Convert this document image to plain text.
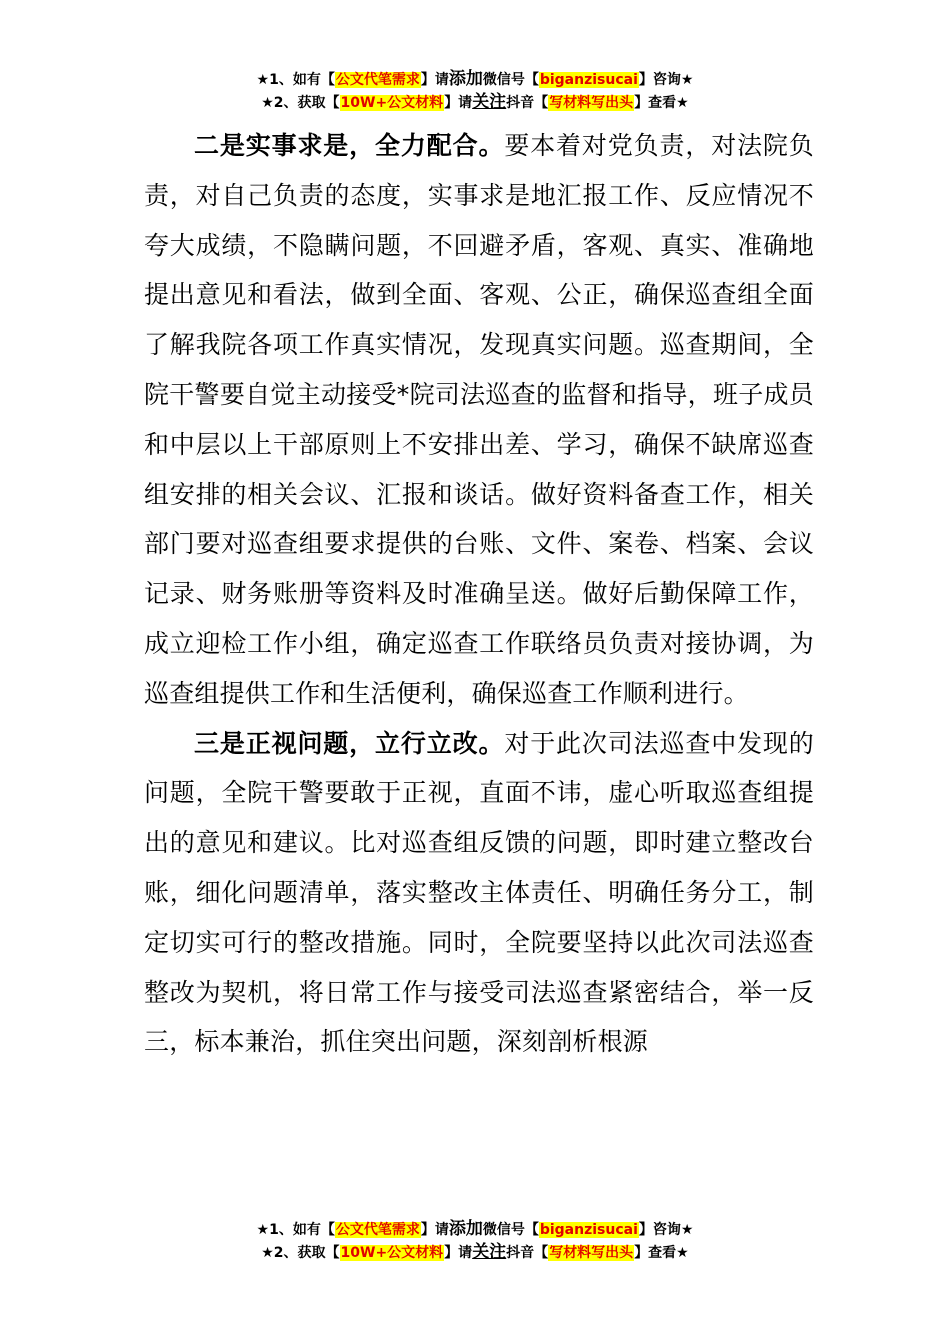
★1、如有【公文代笔需求】请添加微信号【biganzisucai】咨询★
★2、获取【10W+公文材料】请关注抖音【写材料写出头】查看★

二是实事求是，全力配合。要本着对党负责，对法院负责，对自己负责的态度，实事求是地汇报工作、反应情况不夸大成绩，不隐瞒问题，不回避矛盾，客观、真实、准确地提出意见和看法，做到全面、客观、公正，确保巡查组全面了解我院各项工作真实情况，发现真实问题。巡查期间，全院干警要自觉主动接受*院司法巡查的监督和指导，班子成员和中层以上干部原则上不安排出差、学习，确保不缺席巡查组安排的相关会议、汇报和谈话。做好资料备查工作，相关部门要对巡查组要求提供的台账、文件、案卷、档案、会议记录、财务账册等资料及时准确呈送。做好后勤保障工作，成立迎检工作小组，确定巡查工作联络员负责对接协调，为巡查组提供工作和生活便利，确保巡查工作顺利进行。

三是正视问题，立行立改。对于此次司法巡查中发现的问题，全院干警要敢于正视，直面不讳，虚心听取巡查组提出的意见和建议。比对巡查组反馈的问题，即时建立整改台账，细化问题清单，落实整改主体责任、明确任务分工，制定切实可行的整改措施。同时，全院要坚持以此次司法巡查整改为契机，将日常工作与接受司法巡查紧密结合，举一反三，标本兼治，抓住突出问题，深刻剖析根源

★1、如有【公文代笔需求】请添加微信号【biganzisucai】咨询★
★2、获取【10W+公文材料】请关注抖音【写材料写出头】查看★
